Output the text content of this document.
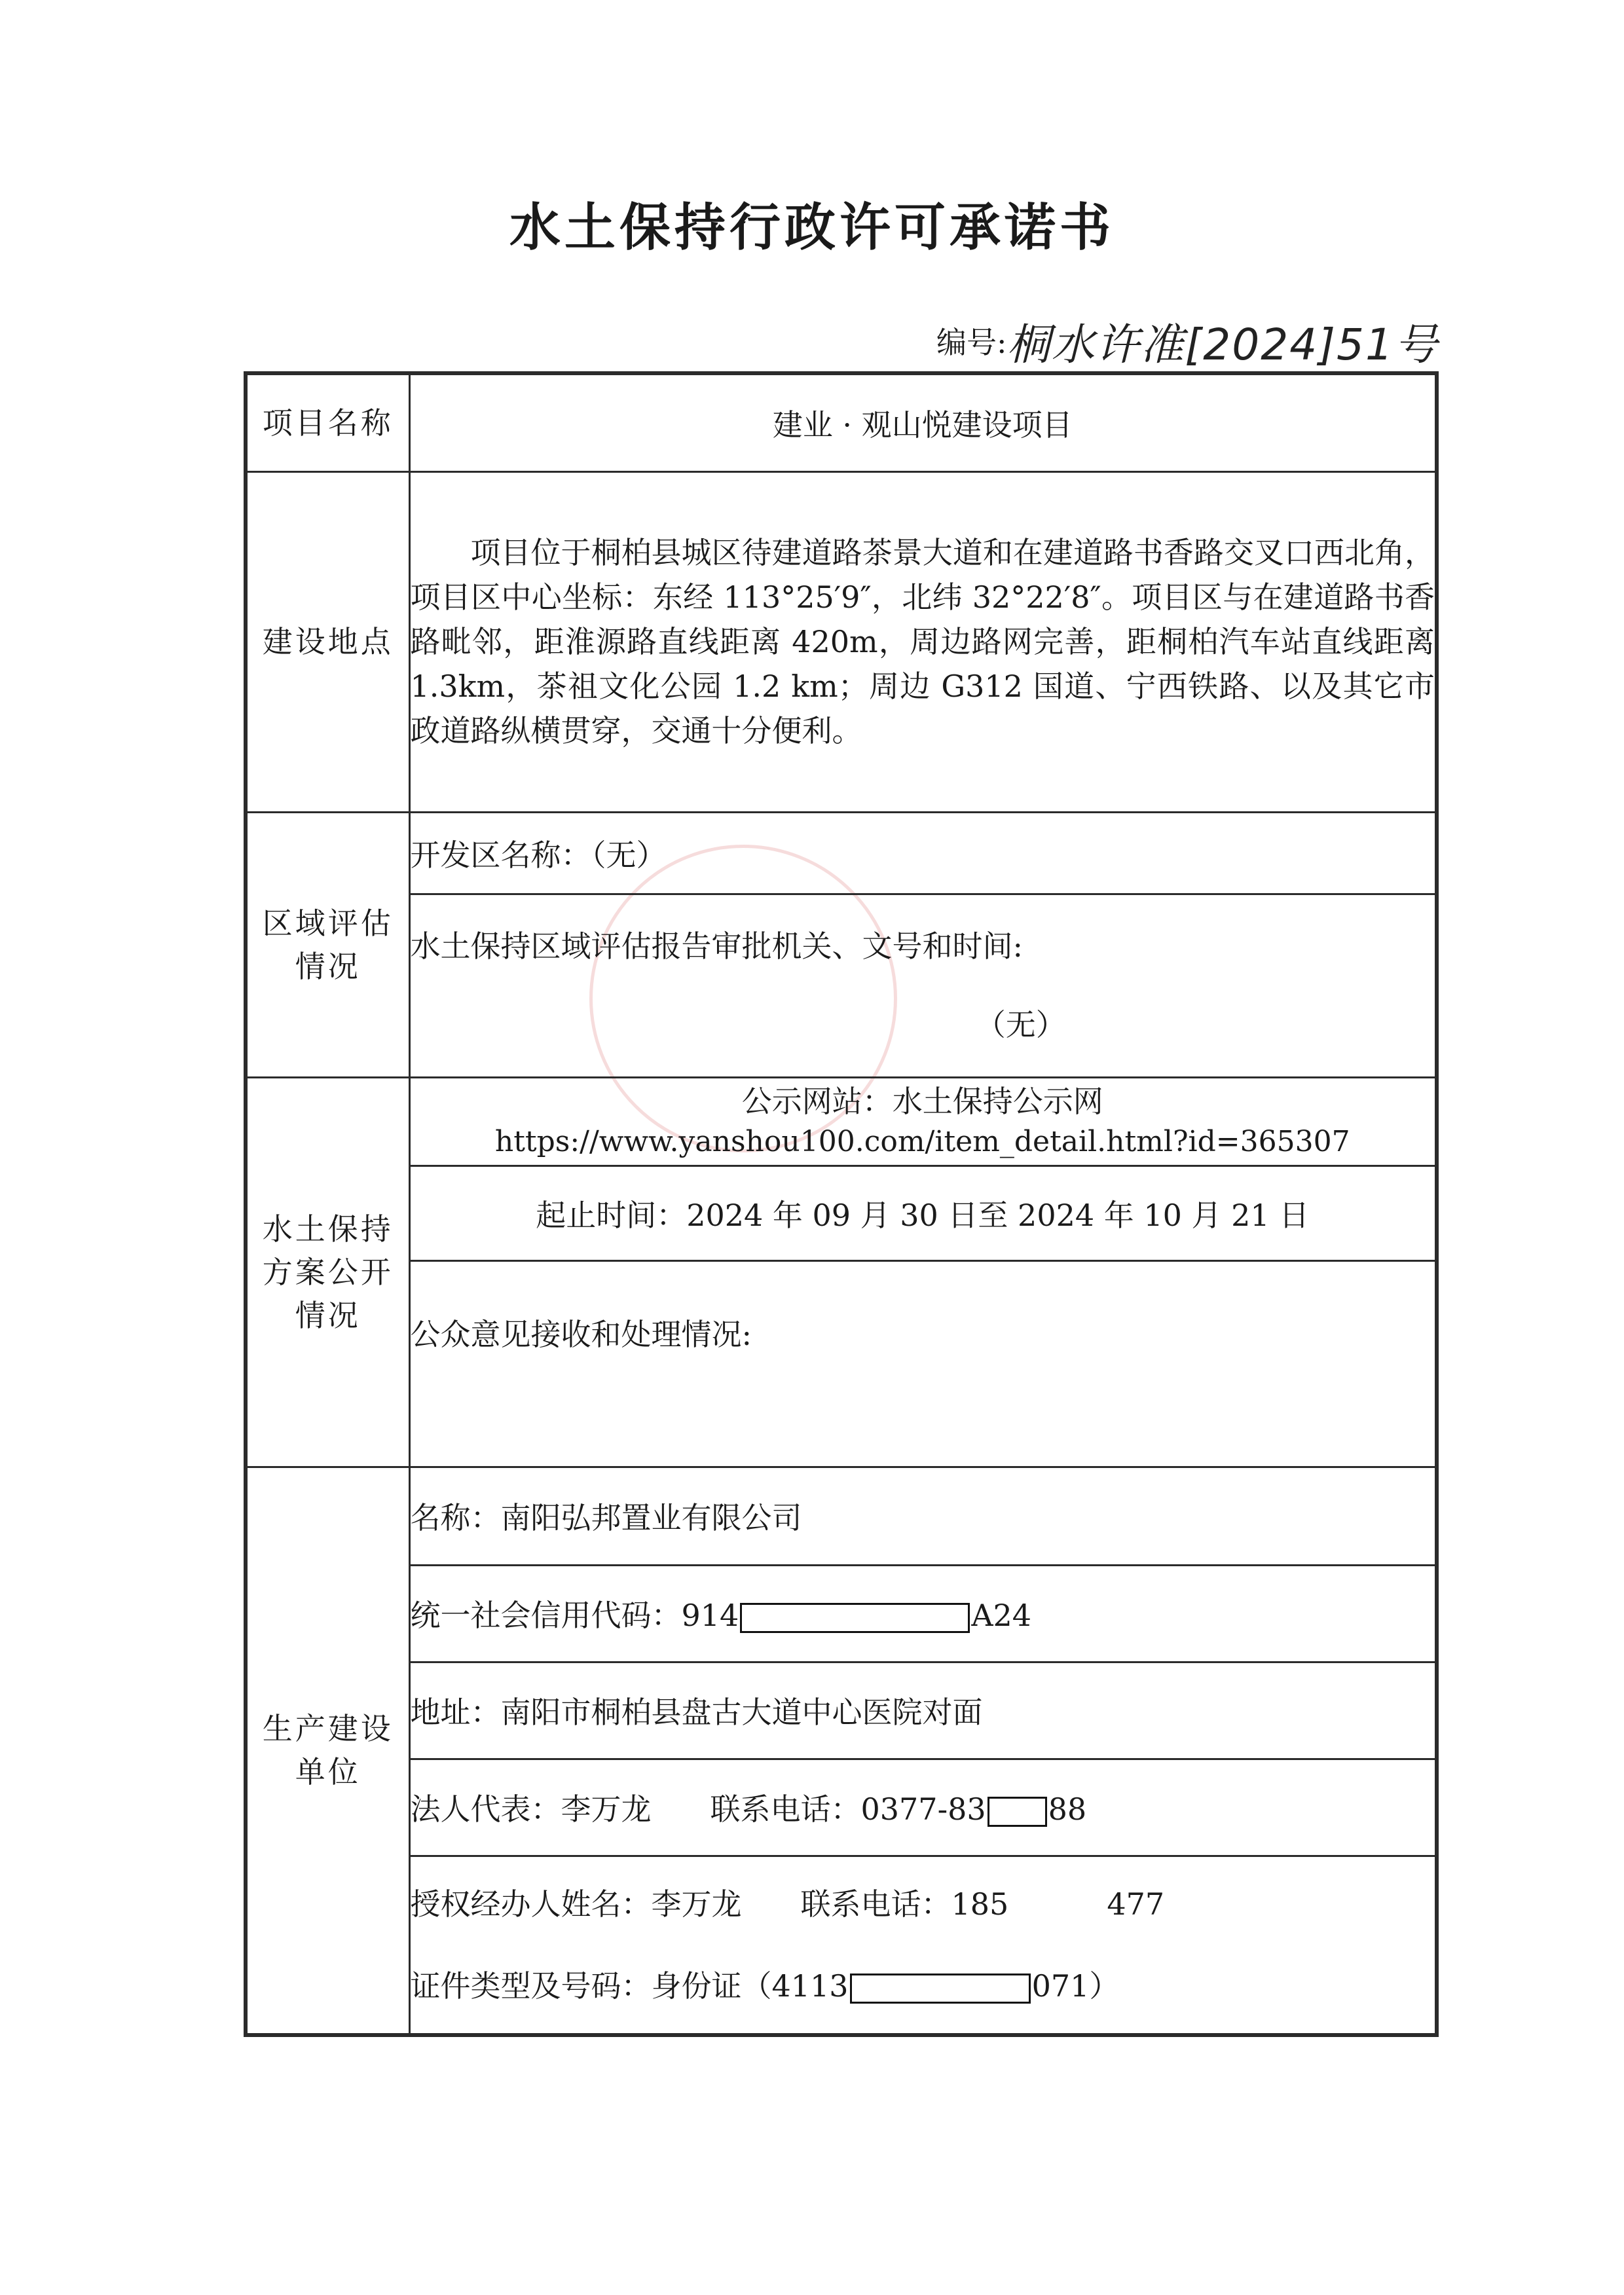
水土保持行政许可承诺书
编号: 桐水许准[2024]51号
项目名称	建业 · 观山悦建设项目
建设地点	项目位于桐柏县城区待建道路茶景大道和在建道路书香路交叉口西北角，项目区中心坐标：东经 113°25′9″，北纬 32°22′8″。项目区与在建道路书香路毗邻，距淮源路直线距离 420m，周边路网完善，距桐柏汽车站直线距离 1.3km，茶祖文化公园 1.2 km；周边 G312 国道、宁西铁路、以及其它市政道路纵横贯穿，交通十分便利。

区域评估情况	开发区名称：（无）

	水土保持区域评估报告审批机关、文号和时间:
（无）

水土保持方案公开情况	公示网站：水土保持公示网
https://www.yanshou100.com/item_detail.html?id=365307

	起止时间：2024 年 09 月 30 日至 2024 年 10 月 21 日
	公众意见接收和处理情况:
生产建设单位	名称：南阳弘邦置业有限公司
	统一社会信用代码：914 A24
	地址：南阳市桐柏县盘古大道中心医院对面
	法人代表：李万龙 联系电话：0377-83 88

	授权经办人姓名：李万龙 联系电话：185 477
证件类型及号码：身份证（4113 071）
